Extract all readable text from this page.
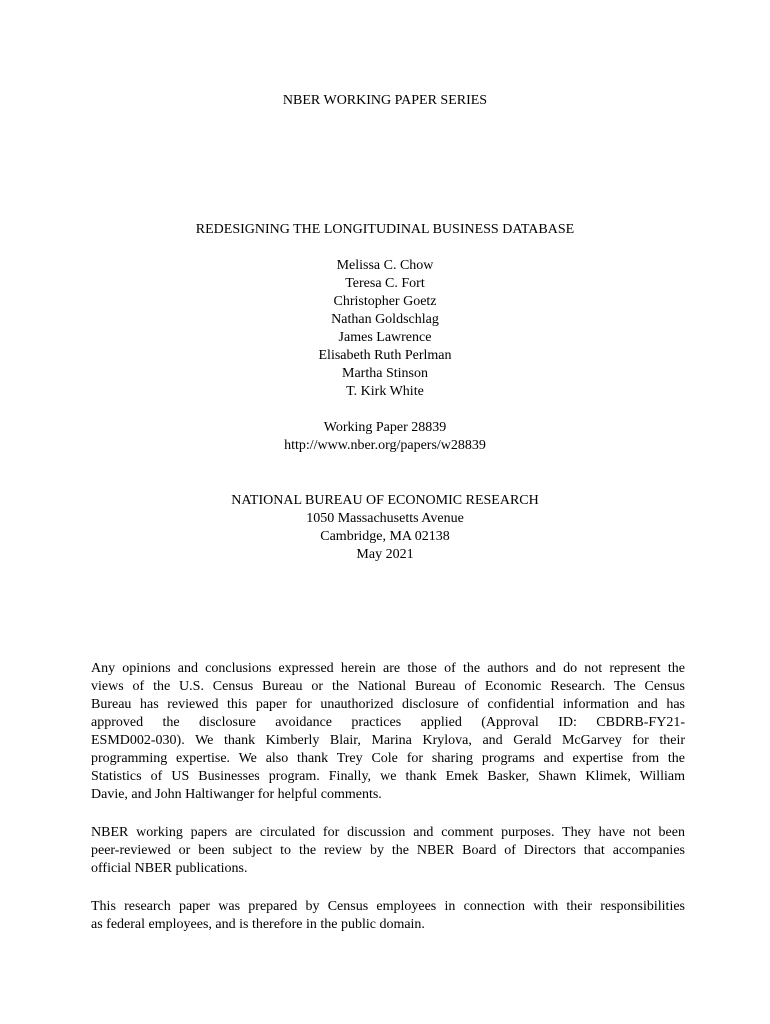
NBER WORKING PAPER SERIES
REDESIGNING THE LONGITUDINAL BUSINESS DATABASE
Melissa C. Chow
Teresa C. Fort
Christopher Goetz
Nathan Goldschlag
James Lawrence
Elisabeth Ruth Perlman
Martha Stinson
T. Kirk White
Working Paper 28839
http://www.nber.org/papers/w28839
NATIONAL BUREAU OF ECONOMIC RESEARCH
1050 Massachusetts Avenue
Cambridge, MA 02138
May 2021
Any opinions and conclusions expressed herein are those of the authors and do not represent the
views of the U.S. Census Bureau or the National Bureau of Economic Research. The Census
Bureau has reviewed this paper for unauthorized disclosure of confidential information and has
approved the disclosure avoidance practices applied (Approval ID: CBDRB-FY21-
ESMD002-030). We thank Kimberly Blair, Marina Krylova, and Gerald McGarvey for their
programming expertise. We also thank Trey Cole for sharing programs and expertise from the
Statistics of US Businesses program. Finally, we thank Emek Basker, Shawn Klimek, William
Davie, and John Haltiwanger for helpful comments.
NBER working papers are circulated for discussion and comment purposes. They have not been
peer-reviewed or been subject to the review by the NBER Board of Directors that accompanies
official NBER publications.
This research paper was prepared by Census employees in connection with their responsibilities
as federal employees, and is therefore in the public domain.
